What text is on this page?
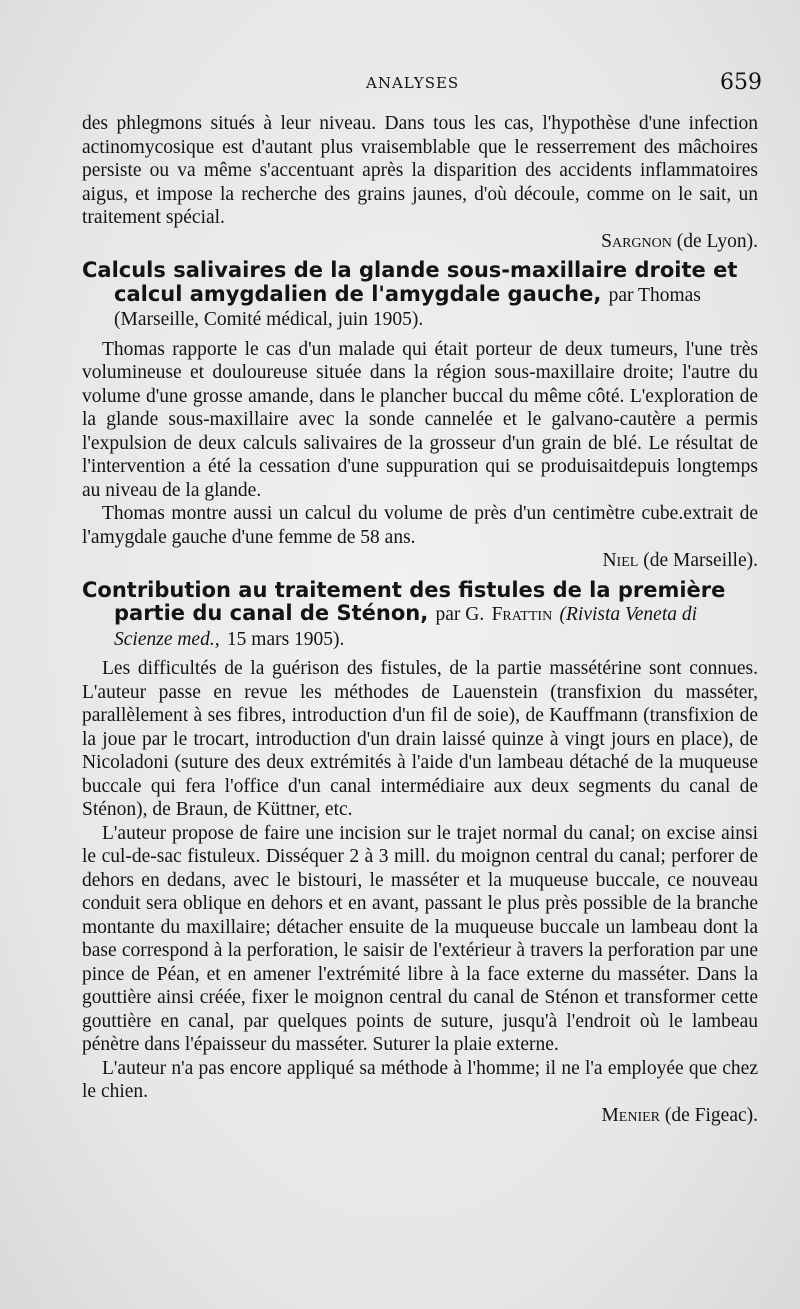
ANALYSES	659

des phlegmons situés à leur niveau. Dans tous les cas, l'hypothèse d'une infection actinomycosique est d'autant plus vraisemblable que le resserrement des mâchoires persiste ou va même s'accentuant après la disparition des accidents inflammatoires aigus, et impose la recherche des grains jaunes, d'où découle, comme on le sait, un traitement spécial.

Sargnon (de Lyon).

Calculs salivaires de la glande sous-maxillaire droite et calcul amygdalien de l'amygdale gauche, par Thomas (Marseille, Comité médical, juin 1905).

Thomas rapporte le cas d'un malade qui était porteur de deux tumeurs, l'une très volumineuse et douloureuse située dans la région sous-maxillaire droite; l'autre du volume d'une grosse amande, dans le plancher buccal du même côté. L'exploration de la glande sous-maxillaire avec la sonde cannelée et le galvano-cautère a permis l'expulsion de deux calculs salivaires de la grosseur d'un grain de blé. Le résultat de l'intervention a été la cessation d'une suppuration qui se produisaitdepuis longtemps au niveau de la glande.

Thomas montre aussi un calcul du volume de près d'un centimètre cube.extrait de l'amygdale gauche d'une femme de 58 ans.

Niel (de Marseille).

Contribution au traitement des fistules de la première partie du canal de Sténon, par G. Frattin (Rivista Veneta di Scienze med., 15 mars 1905).

Les difficultés de la guérison des fistules, de la partie massétérine sont connues. L'auteur passe en revue les méthodes de Lauenstein (transfixion du masséter, parallèlement à ses fibres, introduction d'un fil de soie), de Kauffmann (transfixion de la joue par le trocart, introduction d'un drain laissé quinze à vingt jours en place), de Nicoladoni (suture des deux extrémités à l'aide d'un lambeau détaché de la muqueuse buccale qui fera l'office d'un canal intermédiaire aux deux segments du canal de Sténon), de Braun, de Küttner, etc.

L'auteur propose de faire une incision sur le trajet normal du canal; on excise ainsi le cul-de-sac fistuleux. Disséquer 2 à 3 mill. du moignon central du canal; perforer de dehors en dedans, avec le bistouri, le masséter et la muqueuse buccale, ce nouveau conduit sera oblique en dehors et en avant, passant le plus près possible de la branche montante du maxillaire; détacher ensuite de la muqueuse buccale un lambeau dont la base correspond à la perforation, le saisir de l'extérieur à travers la perforation par une pince de Péan, et en amener l'extrémité libre à la face externe du masséter. Dans la gouttière ainsi créée, fixer le moignon central du canal de Sténon et transformer cette gouttière en canal, par quelques points de suture, jusqu'à l'endroit où le lambeau pénètre dans l'épaisseur du masséter. Suturer la plaie externe.

L'auteur n'a pas encore appliqué sa méthode à l'homme; il ne l'a employée que chez le chien.

Menier (de Figeac).
